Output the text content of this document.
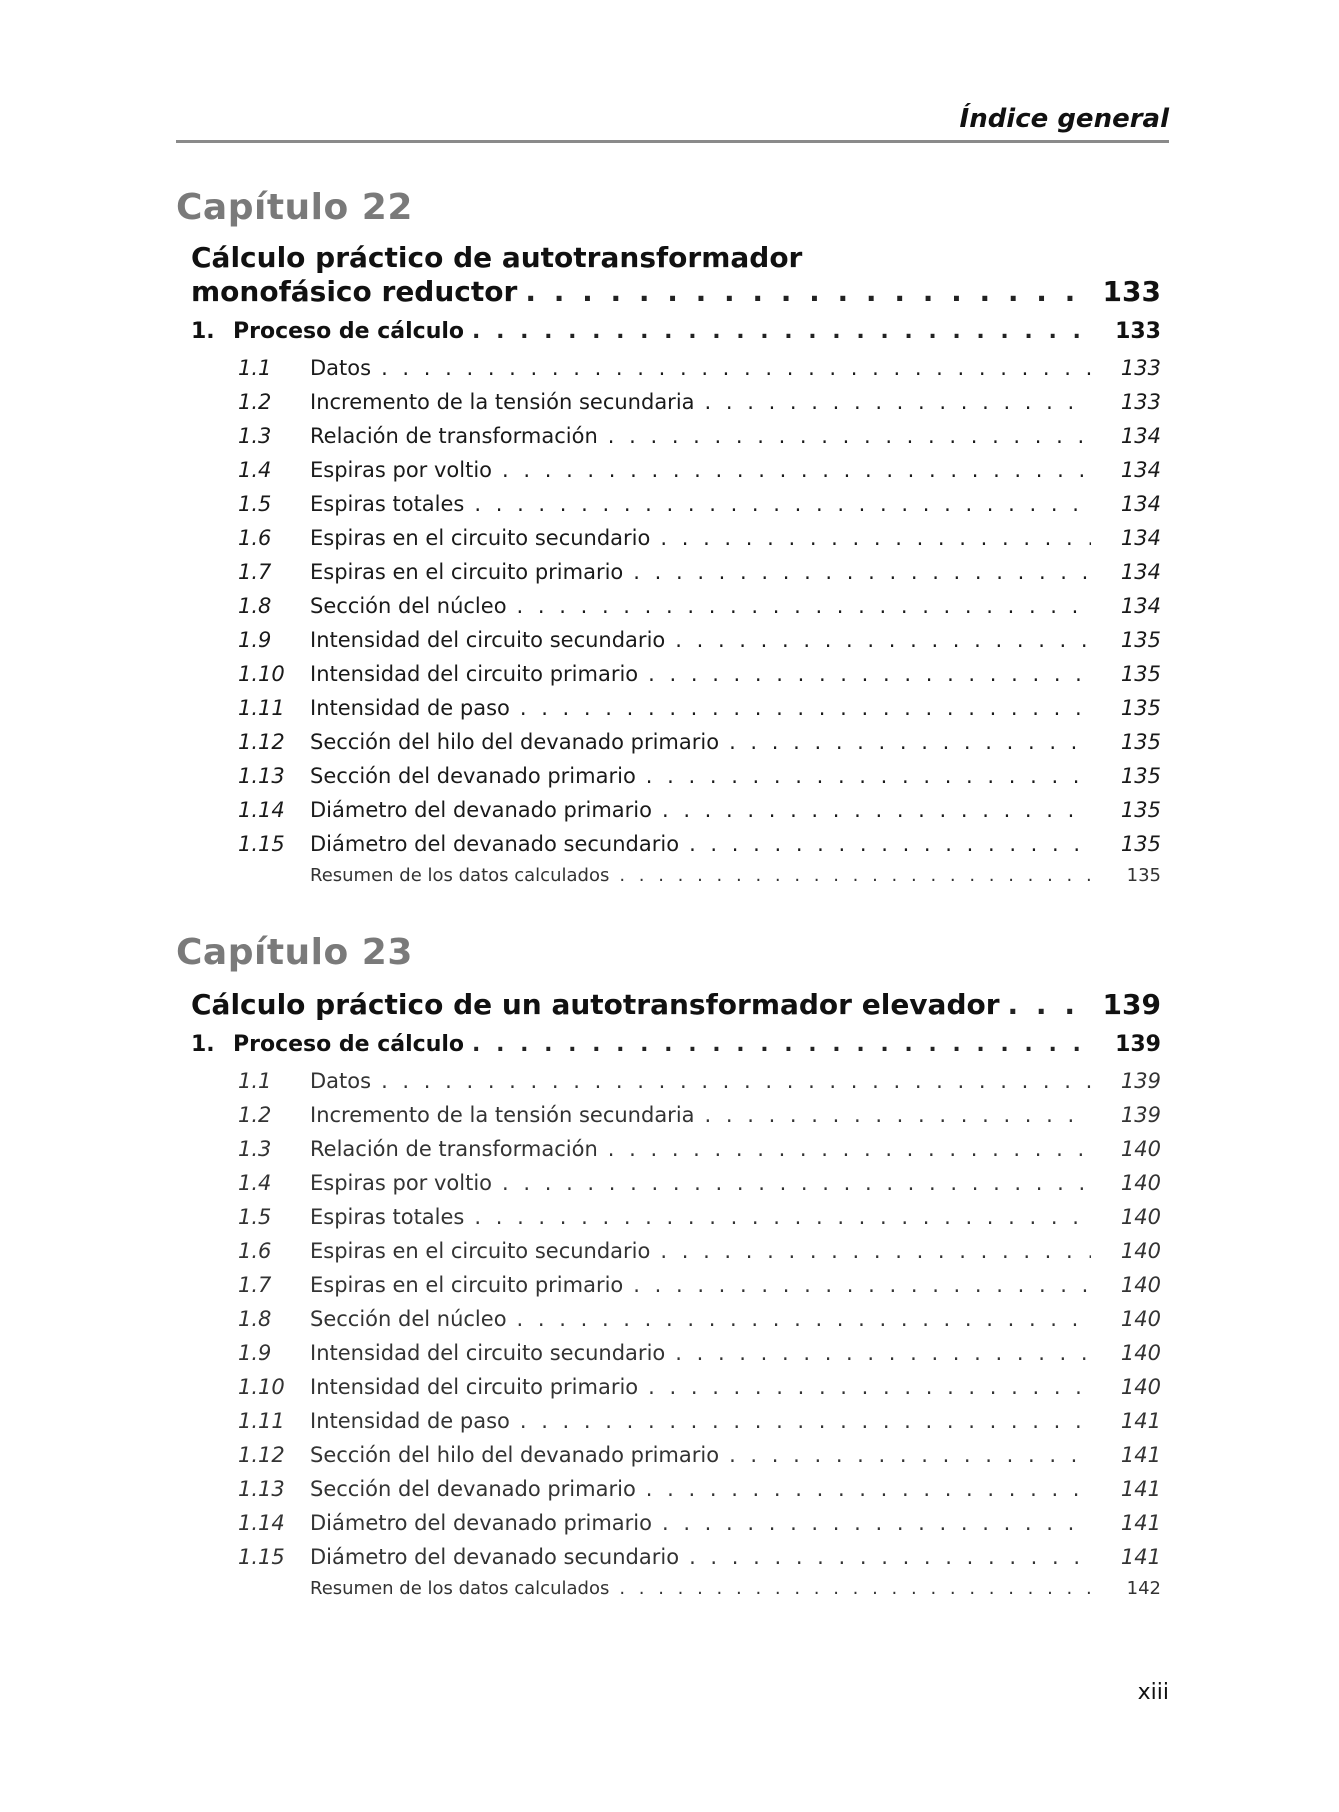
Índice general
Capítulo 22
Cálculo práctico de autotransformador
monofásico reductor . . .	133
1. Proceso de cálculo . . .	133
1.1	Datos . . .	133
1.2	Incremento de la tensión secundaria . . .	133
1.3	Relación de transformación . . .	134
1.4	Espiras por voltio . . .	134
1.5	Espiras totales . . .	134
1.6	Espiras en el circuito secundario . . .	134
1.7	Espiras en el circuito primario . . .	134
1.8	Sección del núcleo . . .	134
1.9	Intensidad del circuito secundario . . .	135
1.10	Intensidad del circuito primario . . .	135
1.11	Intensidad de paso . . .	135
1.12	Sección del hilo del devanado primario . . .	135
1.13	Sección del devanado primario . . .	135
1.14	Diámetro del devanado primario . . .	135
1.15	Diámetro del devanado secundario . . .	135
Resumen de los datos calculados . . .	135
Capítulo 23
Cálculo práctico de un autotransformador elevador . . .	139
1. Proceso de cálculo . . .	139
1.1	Datos . . .	139
1.2	Incremento de la tensión secundaria . . .	139
1.3	Relación de transformación . . .	140
1.4	Espiras por voltio . . .	140
1.5	Espiras totales . . .	140
1.6	Espiras en el circuito secundario . . .	140
1.7	Espiras en el circuito primario . . .	140
1.8	Sección del núcleo . . .	140
1.9	Intensidad del circuito secundario . . .	140
1.10	Intensidad del circuito primario . . .	140
1.11	Intensidad de paso . . .	141
1.12	Sección del hilo del devanado primario . . .	141
1.13	Sección del devanado primario . . .	141
1.14	Diámetro del devanado primario . . .	141
1.15	Diámetro del devanado secundario . . .	141
Resumen de los datos calculados . . .	142
xiii
